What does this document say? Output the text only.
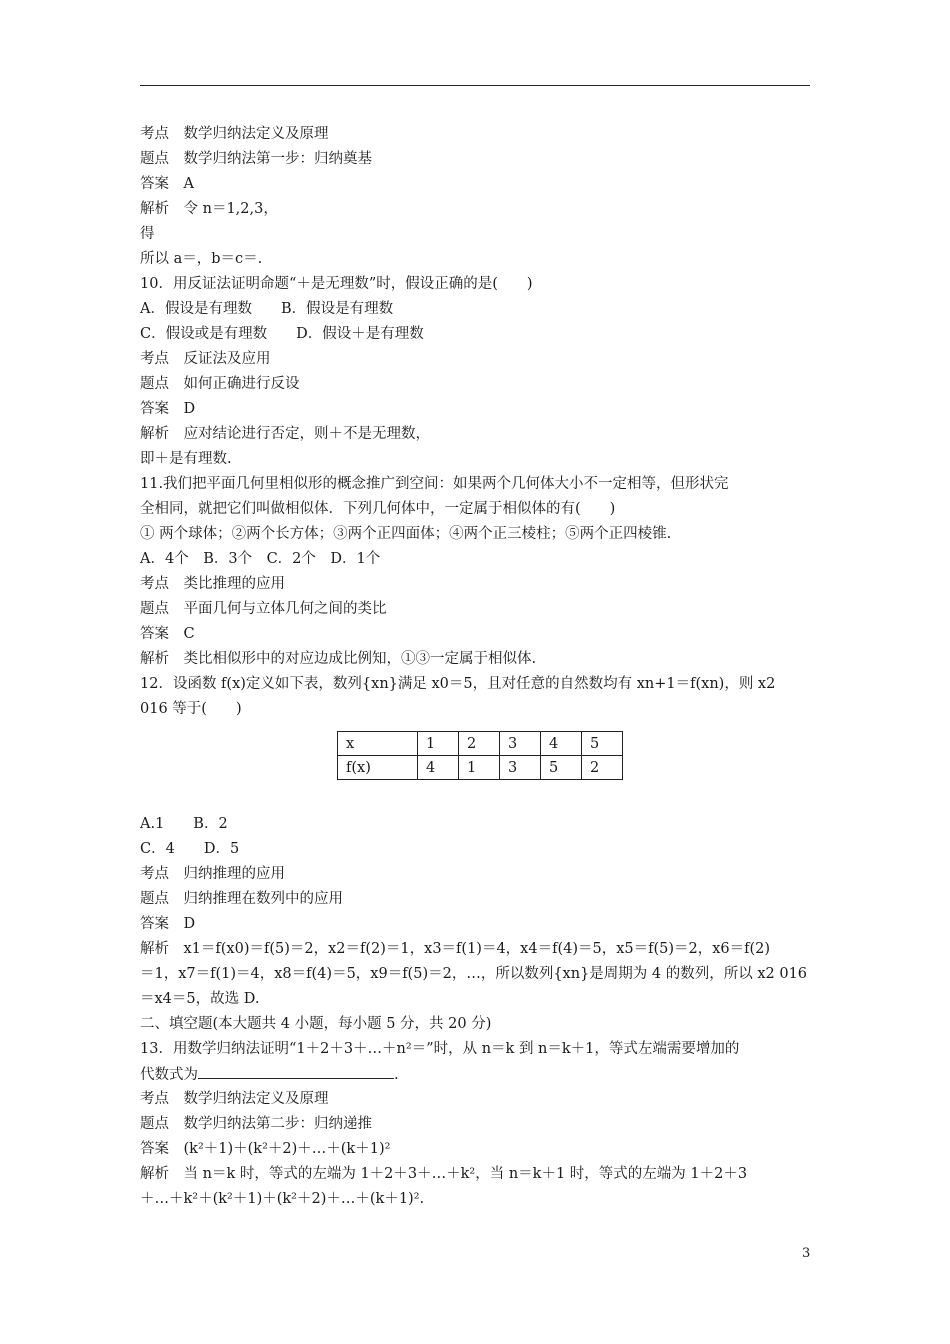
考点　数学归纳法定义及原理
题点　数学归纳法第一步：归纳奠基
答案　A
解析　令 n＝1,2,3，
得
所以 a＝，b＝c＝.
10．用反证法证明命题“＋是无理数”时，假设正确的是(　　)
A．假设是有理数　　B．假设是有理数
C．假设或是有理数　　D．假设＋是有理数
考点　反证法及应用
题点　如何正确进行反设
答案　D
解析　应对结论进行否定，则＋不是无理数，
即＋是有理数.
11.我们把平面几何里相似形的概念推广到空间：如果两个几何体大小不一定相等，但形状完
全相同，就把它们叫做相似体．下列几何体中，一定属于相似体的有(　　)
① 两个球体；②两个长方体；③两个正四面体；④两个正三棱柱；⑤两个正四棱锥.
A．4个　B．3个　C．2个　D．1个
考点　类比推理的应用
题点　平面几何与立体几何之间的类比
答案　C
解析　类比相似形中的对应边成比例知，①③一定属于相似体.
12．设函数 f(x)定义如下表，数列{xn}满足 x0＝5，且对任意的自然数均有 xn+1＝f(xn)，则 x2
016 等于(　　)
x	1	2	3	4	5
f(x)	4	1	3	5	2
A.1　　B．2
C．4　　D．5
考点　归纳推理的应用
题点　归纳推理在数列中的应用
答案　D
解析　x1＝f(x0)＝f(5)＝2，x2＝f(2)＝1，x3＝f(1)＝4，x4＝f(4)＝5，x5＝f(5)＝2，x6＝f(2)
＝1，x7＝f(1)＝4，x8＝f(4)＝5，x9＝f(5)＝2，…，所以数列{xn}是周期为 4 的数列，所以 x2 016
＝x4＝5，故选 D.
二、填空题(本大题共 4 小题，每小题 5 分，共 20 分)
13．用数学归纳法证明“1＋2＋3＋…＋n²＝”时，从 n＝k 到 n＝k＋1，等式左端需要增加的
代数式为	.
考点　数学归纳法定义及原理
题点　数学归纳法第二步：归纳递推
答案　(k²＋1)＋(k²＋2)＋…＋(k＋1)²
解析　当 n＝k 时，等式的左端为 1＋2＋3＋…＋k²，当 n＝k＋1 时，等式的左端为 1＋2＋3
＋…＋k²＋(k²＋1)＋(k²＋2)＋…＋(k＋1)².
3
